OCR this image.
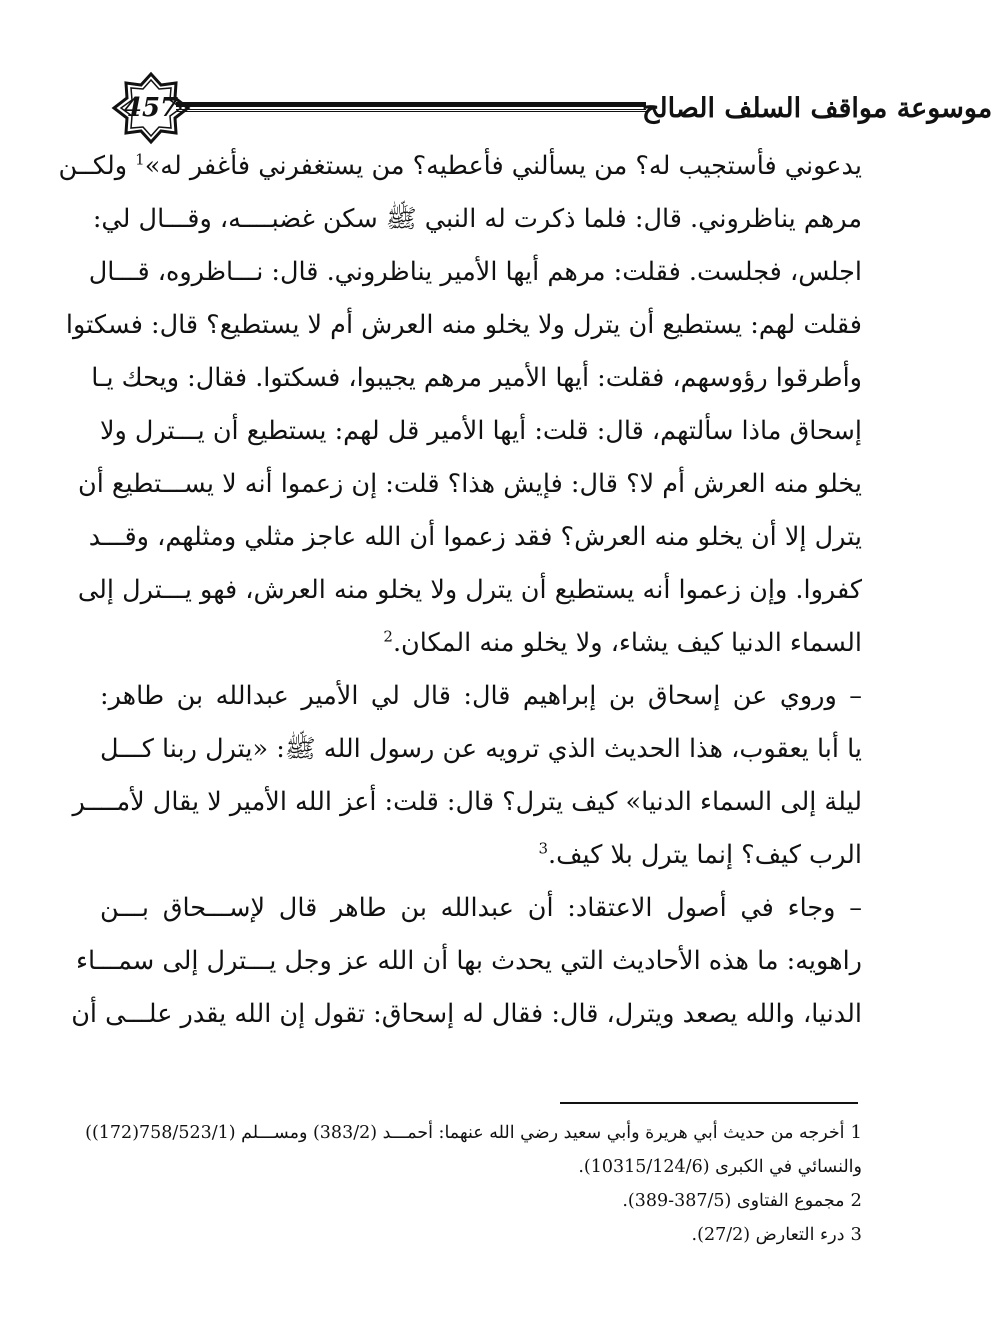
457	موسوعة مواقف السلف الصالح
يدعوني فأستجيب له؟ من يسألني فأعطيه؟ من يستغفرني فأغفر له»$^1$ ولكــن
مرهم يناظروني. قال: فلما ذكرت له النبي ﷺ سكن غضبــــه، وقـــال لي:
اجلس، فجلست. فقلت: مرهم أيها الأمير يناظروني. قال: نـــاظروه، قـــال
فقلت لهم: يستطيع أن يترل ولا يخلو منه العرش أم لا يستطيع؟ قال: فسكتوا
وأطرقوا رؤوسهم، فقلت: أيها الأمير مرهم يجيبوا، فسكتوا. فقال: ويحك يـا
إسحاق ماذا سألتهم، قال: قلت: أيها الأمير قل لهم: يستطيع أن يـــترل ولا
يخلو منه العرش أم لا؟ قال: فإيش هذا؟ قلت: إن زعموا أنه لا يســـتطيع أن
يترل إلا أن يخلو منه العرش؟ فقد زعموا أن الله عاجز مثلي ومثلهم، وقـــد
كفروا. وإن زعموا أنه يستطيع أن يترل ولا يخلو منه العرش، فهو يـــترل إلى
السماء الدنيا كيف يشاء، ولا يخلو منه المكان.$^2$
– وروي عن إسحاق بن إبراهيم قال: قال لي الأمير عبدالله بن طاهر:
يا أبا يعقوب، هذا الحديث الذي ترويه عن رسول الله ﷺ: «يترل ربنا كـــل
ليلة إلى السماء الدنيا» كيف يترل؟ قال: قلت: أعز الله الأمير لا يقال لأمــــر
الرب كيف؟ إنما يترل بلا كيف.$^3$
– وجاء في أصول الاعتقاد: أن عبدالله بن طاهر قال لإســـحاق بـــن
راهويه: ما هذه الأحاديث التي يحدث بها أن الله عز وجل يـــترل إلى سمـــاء
الدنيا، والله يصعد ويترل، قال: فقال له إسحاق: تقول إن الله يقدر علـــى أن
1أخرجه من حديث أبي هريرة وأبي سعيد رضي الله عنهما: أحمـــد (383/2) ومســـلم (758/523/1(172))
والنسائي في الكبرى (10315/124/6).
2مجموع الفتاوى (387/5-389).
3درء التعارض (27/2).
